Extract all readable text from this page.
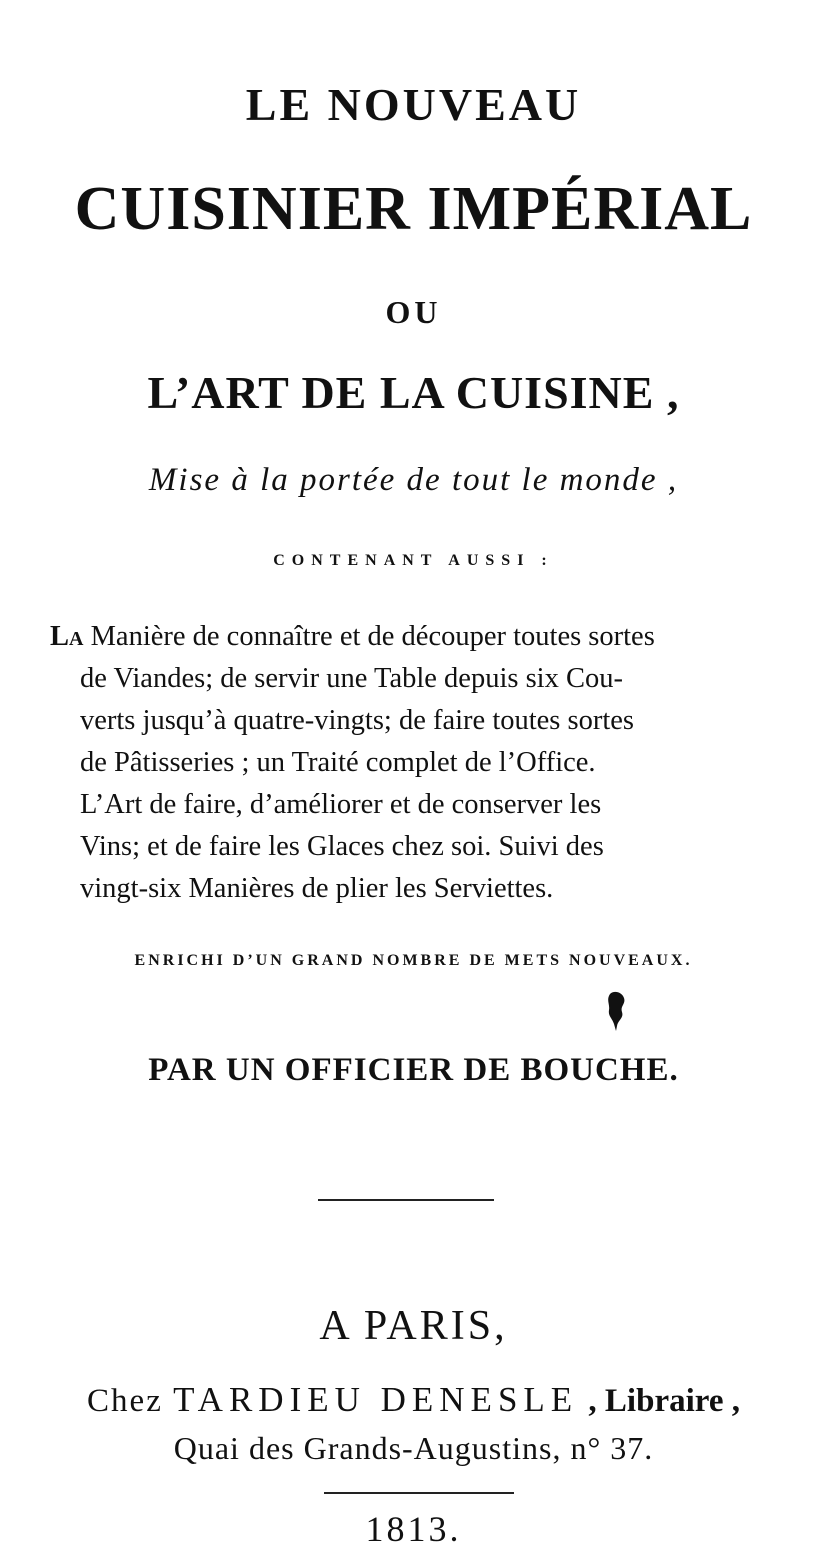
LE NOUVEAU
CUISINIER IMPÉRIAL
OU
L’ART DE LA CUISINE ,
Mise à la portée de tout le monde ,
CONTENANT AUSSI :
La Manière de connaître et de découper toutes sortes
de Viandes; de servir une Table depuis six Cou-
verts jusqu’à quatre-vingts; de faire toutes sortes
de Pâtisseries ; un Traité complet de l’Office.
L’Art de faire, d’améliorer et de conserver les
Vins; et de faire les Glaces chez soi. Suivi des
vingt-six Manières de plier les Serviettes.
ENRICHI D’UN GRAND NOMBRE DE METS NOUVEAUX.
PAR UN OFFICIER DE BOUCHE.
A PARIS,
Chez TARDIEU DENESLE , Libraire ,
Quai des Grands-Augustins, n° 37.
1813.
